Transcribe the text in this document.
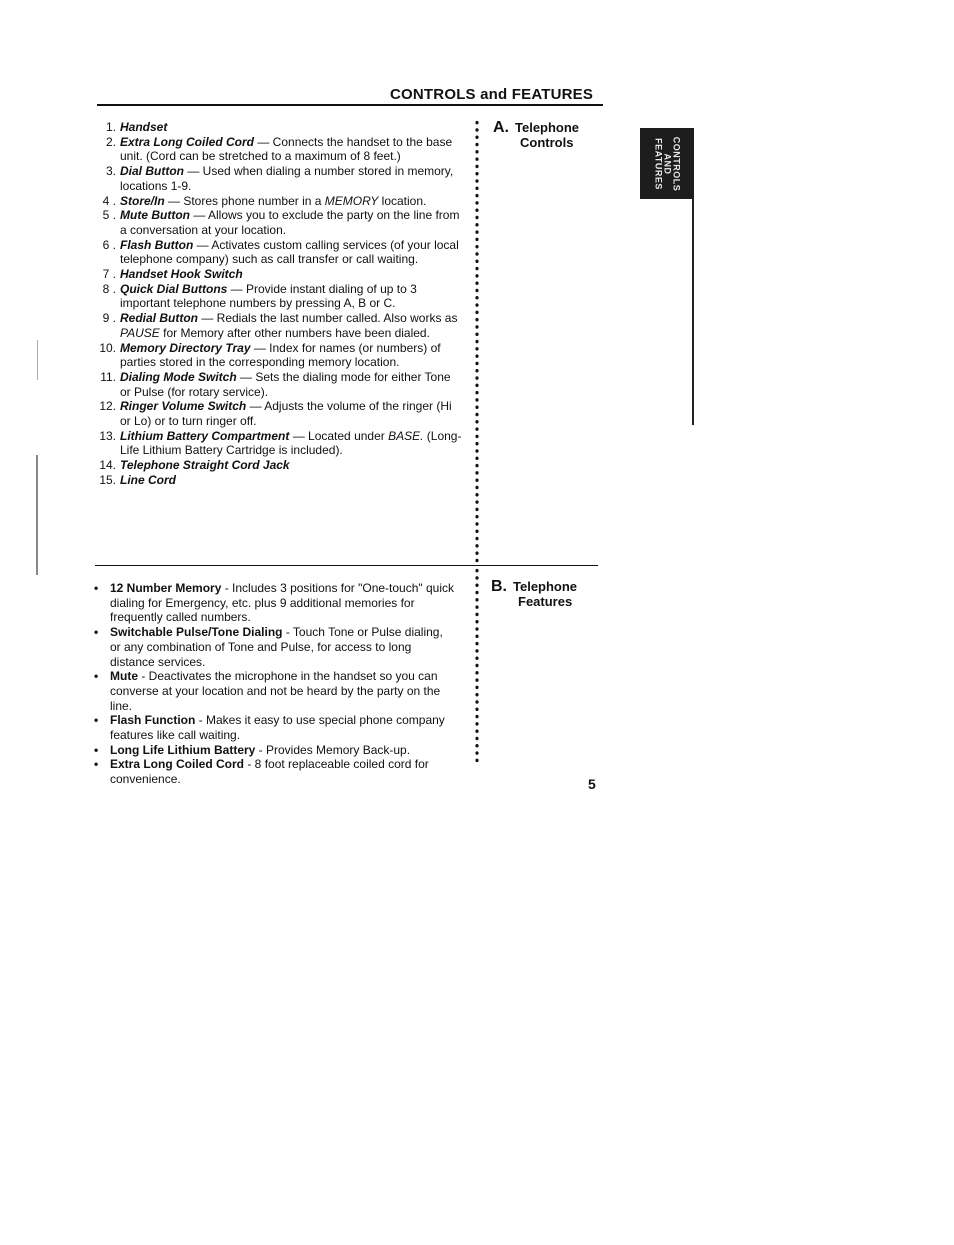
CONTROLS and FEATURES
CONTROLS
AND
FEATURES
1. Handset
2. Extra Long Coiled Cord — Connects the handset to the base unit. (Cord can be stretched to a maximum of 8 feet.)
3. Dial Button — Used when dialing a number stored in memory, locations 1-9.
4 . Store/In — Stores phone number in a MEMORY location.
5 . Mute Button — Allows you to exclude the party on the line from a conversation at your location.
6 . Flash Button — Activates custom calling services (of your local telephone company) such as call transfer or call waiting.
7 . Handset Hook Switch
8 . Quick Dial Buttons — Provide instant dialing of up to 3 important telephone numbers by pressing A, B or C.
9 . Redial Button — Redials the last number called. Also works as PAUSE for Memory after other numbers have been dialed.
10. Memory Directory Tray — Index for names (or numbers) of parties stored in the corresponding memory location.
11. Dialing Mode Switch — Sets the dialing mode for either Tone or Pulse (for rotary service).
12. Ringer Volume Switch — Adjusts the volume of the ringer (Hi or Lo) or to turn ringer off.
13. Lithium Battery Compartment — Located under BASE. (Long-Life Lithium Battery Cartridge is included).
14. Telephone Straight Cord Jack
15. Line Cord
A. Telephone
Controls
• 12 Number Memory - Includes 3 positions for "One-touch" quick dialing for Emergency, etc. plus 9 additional memories for frequently called numbers.
• Switchable Pulse/Tone Dialing - Touch Tone or Pulse dialing, or any combination of Tone and Pulse, for access to long distance services.
• Mute - Deactivates the microphone in the handset so you can converse at your location and not be heard by the party on the line.
• Flash Function - Makes it easy to use special phone company features like call waiting.
• Long Life Lithium Battery - Provides Memory Back-up.
• Extra Long Coiled Cord - 8 foot replaceable coiled cord for convenience.
B. Telephone
Features
5
